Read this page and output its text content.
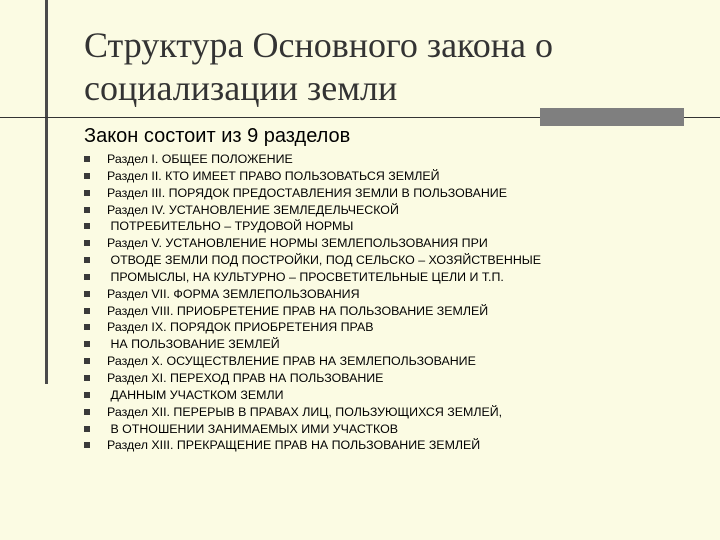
Структура Основного закона о социализации земли
Закон состоит из 9 разделов
Раздел I. ОБЩЕЕ ПОЛОЖЕНИЕ
Раздел II. КТО ИМЕЕТ ПРАВО ПОЛЬЗОВАТЬСЯ ЗЕМЛЕЙ
Раздел III. ПОРЯДОК ПРЕДОСТАВЛЕНИЯ ЗЕМЛИ В ПОЛЬЗОВАНИЕ
Раздел IV. УСТАНОВЛЕНИЕ ЗЕМЛЕДЕЛЬЧЕСКОЙ
ПОТРЕБИТЕЛЬНО – ТРУДОВОЙ НОРМЫ
Раздел V. УСТАНОВЛЕНИЕ НОРМЫ ЗЕМЛЕПОЛЬЗОВАНИЯ ПРИ
ОТВОДЕ ЗЕМЛИ ПОД ПОСТРОЙКИ, ПОД СЕЛЬСКО – ХОЗЯЙСТВЕННЫЕ
ПРОМЫСЛЫ, НА КУЛЬТУРНО – ПРОСВЕТИТЕЛЬНЫЕ ЦЕЛИ И Т.П.
Раздел VII. ФОРМА ЗЕМЛЕПОЛЬЗОВАНИЯ
Раздел VIII. ПРИОБРЕТЕНИЕ ПРАВ НА ПОЛЬЗОВАНИЕ ЗЕМЛЕЙ
Раздел IX. ПОРЯДОК ПРИОБРЕТЕНИЯ ПРАВ
НА ПОЛЬЗОВАНИЕ ЗЕМЛЕЙ
Раздел X. ОСУЩЕСТВЛЕНИЕ ПРАВ НА ЗЕМЛЕПОЛЬЗОВАНИЕ
Раздел XI. ПЕРЕХОД ПРАВ НА ПОЛЬЗОВАНИЕ
ДАННЫМ УЧАСТКОМ ЗЕМЛИ
Раздел XII. ПЕРЕРЫВ В ПРАВАХ ЛИЦ, ПОЛЬЗУЮЩИХСЯ ЗЕМЛЕЙ,
В ОТНОШЕНИИ ЗАНИМАЕМЫХ ИМИ УЧАСТКОВ
Раздел XIII. ПРЕКРАЩЕНИЕ ПРАВ НА ПОЛЬЗОВАНИЕ ЗЕМЛЕЙ
